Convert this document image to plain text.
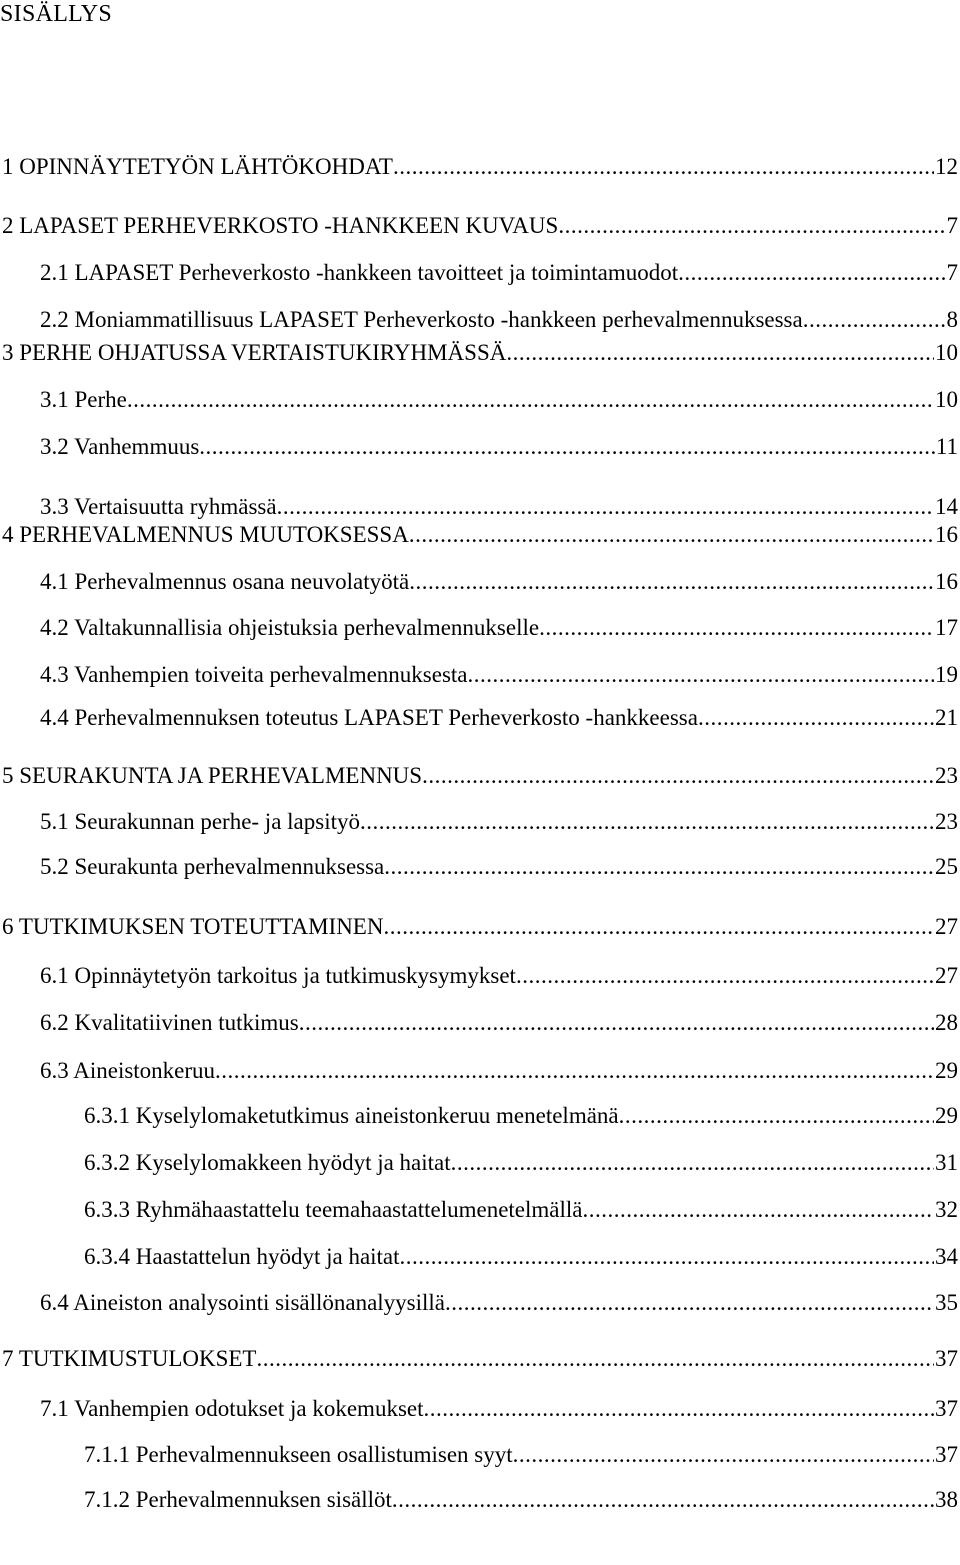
SISÄLLYS
1 OPINNÄYTETYÖN LÄHTÖKOHDAT .....	12
2 LAPASET PERHEVERKOSTO -HANKKEEN KUVAUS .....	7
2.1 LAPASET Perheverkosto -hankkeen tavoitteet ja toimintamuodot .....	7
2.2 Moniammatillisuus LAPASET Perheverkosto -hankkeen perhevalmennuksessa .....	8
3 PERHE OHJATUSSA VERTAISTUKIRYHMÄSSÄ .....	10
3.1 Perhe .....	10
3.2 Vanhemmuus .....	11
3.3 Vertaisuutta ryhmässä .....	14
4 PERHEVALMENNUS MUUTOKSESSA .....	16
4.1 Perhevalmennus osana neuvolatyötä .....	16
4.2 Valtakunnallisia ohjeistuksia perhevalmennukselle .....	17
4.3 Vanhempien toiveita perhevalmennuksesta .....	19
4.4 Perhevalmennuksen toteutus LAPASET Perheverkosto -hankkeessa .....	21
5 SEURAKUNTA JA PERHEVALMENNUS .....	23
5.1 Seurakunnan perhe- ja lapsityö .....	23
5.2 Seurakunta perhevalmennuksessa .....	25
6 TUTKIMUKSEN TOTEUTTAMINEN .....	27
6.1 Opinnäytetyön tarkoitus ja tutkimuskysymykset .....	27
6.2 Kvalitatiivinen tutkimus .....	28
6.3 Aineistonkeruu .....	29
6.3.1 Kyselylomaketutkimus aineistonkeruu menetelmänä .....	29
6.3.2 Kyselylomakkeen hyödyt ja haitat .....	31
6.3.3 Ryhmähaastattelu teemahaastattelumenetelmällä .....	32
6.3.4 Haastattelun hyödyt ja haitat .....	34
6.4 Aineiston analysointi sisällönanalyysillä .....	35
7 TUTKIMUSTULOKSET .....	37
7.1 Vanhempien odotukset ja kokemukset .....	37
7.1.1 Perhevalmennukseen osallistumisen syyt .....	37
7.1.2 Perhevalmennuksen sisällöt .....	38
